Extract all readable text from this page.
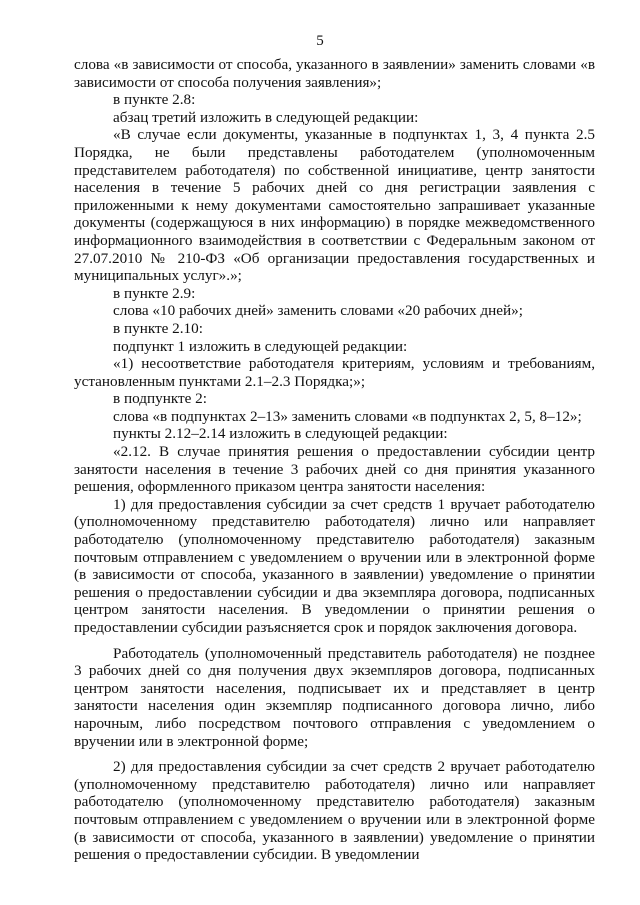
5

слова «в зависимости от способа, указанного в заявлении» заменить словами «в зависимости от способа получения заявления»;

в пункте 2.8:

абзац третий изложить в следующей редакции:

«В случае если документы, указанные в подпунктах 1, 3, 4 пункта 2.5 Порядка, не были представлены работодателем (уполномоченным представителем работодателя) по собственной инициативе, центр занятости населения в течение 5 рабочих дней со дня регистрации заявления с приложенными к нему документами самостоятельно запрашивает указанные документы (содержащуюся в них информацию) в порядке межведомственного информационного взаимодействия в соответствии с Федеральным законом от 27.07.2010 № 210-ФЗ «Об организации предоставления государственных и муниципальных услуг».»;

в пункте 2.9:

слова «10 рабочих дней» заменить словами «20 рабочих дней»;

в пункте 2.10:

подпункт 1 изложить в следующей редакции:

«1) несоответствие работодателя критериям, условиям и требованиям, установленным пунктами 2.1–2.3 Порядка;»;

в подпункте 2:

слова «в подпунктах 2–13» заменить словами «в подпунктах 2, 5, 8–12»;

пункты 2.12–2.14 изложить в следующей редакции:

«2.12. В случае принятия решения о предоставлении субсидии центр занятости населения в течение 3 рабочих дней со дня принятия указанного решения, оформленного приказом центра занятости населения:

1) для предоставления субсидии за счет средств 1 вручает работодателю (уполномоченному представителю работодателя) лично или направляет работодателю (уполномоченному представителю работодателя) заказным почтовым отправлением с уведомлением о вручении или в электронной форме (в зависимости от способа, указанного в заявлении) уведомление о принятии решения о предоставлении субсидии и два экземпляра договора, подписанных центром занятости населения. В уведомлении о принятии решения о предоставлении субсидии разъясняется срок и порядок заключения договора.

Работодатель (уполномоченный представитель работодателя) не позднее 3 рабочих дней со дня получения двух экземпляров договора, подписанных центром занятости населения, подписывает их и представляет в центр занятости населения один экземпляр подписанного договора лично, либо нарочным, либо посредством почтового отправления с уведомлением о вручении или в электронной форме;

2) для предоставления субсидии за счет средств 2 вручает работодателю (уполномоченному представителю работодателя) лично или направляет работодателю (уполномоченному представителю работодателя) заказным почтовым отправлением с уведомлением о вручении или в электронной форме (в зависимости от способа, указанного в заявлении) уведомление о принятии решения о предоставлении субсидии. В уведомлении
